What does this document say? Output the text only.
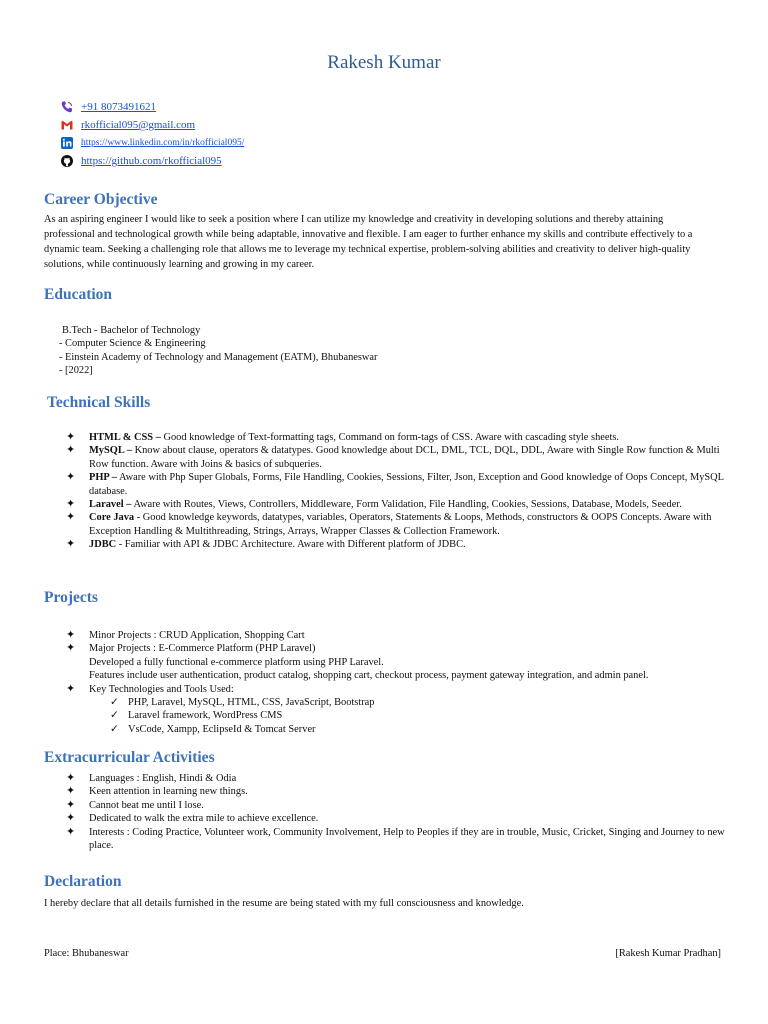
Rakesh Kumar
+91 8073491621
rkofficial095@gmail.com
https://www.linkedin.com/in/rkofficial095/
https://github.com/rkofficial095
Career Objective
As an aspiring engineer I would like to seek a position where I can utilize my knowledge and creativity in developing solutions and thereby attaining professional and technological growth while being adaptable, innovative and flexible. I am eager to further enhance my skills and contribute effectively to a dynamic team. Seeking a challenging role that allows me to leverage my technical expertise, problem-solving abilities and creativity to deliver high-quality solutions, while continuously learning and growing in my career.
Education
B.Tech - Bachelor of Technology
- Computer Science & Engineering
- Einstein Academy of Technology and Management (EATM), Bhubaneswar
- [2022]
Technical Skills
✦	HTML & CSS – Good knowledge of Text-formatting tags, Command on form-tags of CSS. Aware with cascading style sheets.
✦	MySQL – Know about clause, operators & datatypes. Good knowledge about DCL, DML, TCL, DQL, DDL, Aware with Single Row function & Multi Row function. Aware with Joins & basics of subqueries.
✦	PHP – Aware with Php Super Globals, Forms, File Handling, Cookies, Sessions, Filter, Json, Exception and Good knowledge of Oops Concept, MySQL database.
✦	Laravel – Aware with Routes, Views, Controllers, Middleware, Form Validation, File Handling, Cookies, Sessions, Database, Models, Seeder.
✦	Core Java - Good knowledge keywords, datatypes, variables, Operators, Statements & Loops, Methods, constructors & OOPS Concepts. Aware with Exception Handling & Multithreading, Strings, Arrays, Wrapper Classes & Collection Framework.
✦	JDBC - Familiar with API & JDBC Architecture. Aware with Different platform of JDBC.
Projects
✦	Minor Projects : CRUD Application, Shopping Cart
✦	Major Projects : E-Commerce Platform (PHP Laravel)
Developed a fully functional e-commerce platform using PHP Laravel.
Features include user authentication, product catalog, shopping cart, checkout process, payment gateway integration, and admin panel.
✦	Key Technologies and Tools Used:
✓ PHP, Laravel, MySQL, HTML, CSS, JavaScript, Bootstrap
✓ Laravel framework, WordPress CMS
✓ VsCode, Xampp, EclipseId & Tomcat Server
Extracurricular Activities
✦	Languages : English, Hindi & Odia
✦	Keen attention in learning new things.
✦	Cannot beat me until I lose.
✦	Dedicated to walk the extra mile to achieve excellence.
✦	Interests : Coding Practice, Volunteer work, Community Involvement, Help to Peoples if they are in trouble, Music, Cricket, Singing and Journey to new place.
Declaration
I hereby declare that all details furnished in the resume are being stated with my full consciousness and knowledge.
Place: Bhubaneswar	[Rakesh Kumar Pradhan]
